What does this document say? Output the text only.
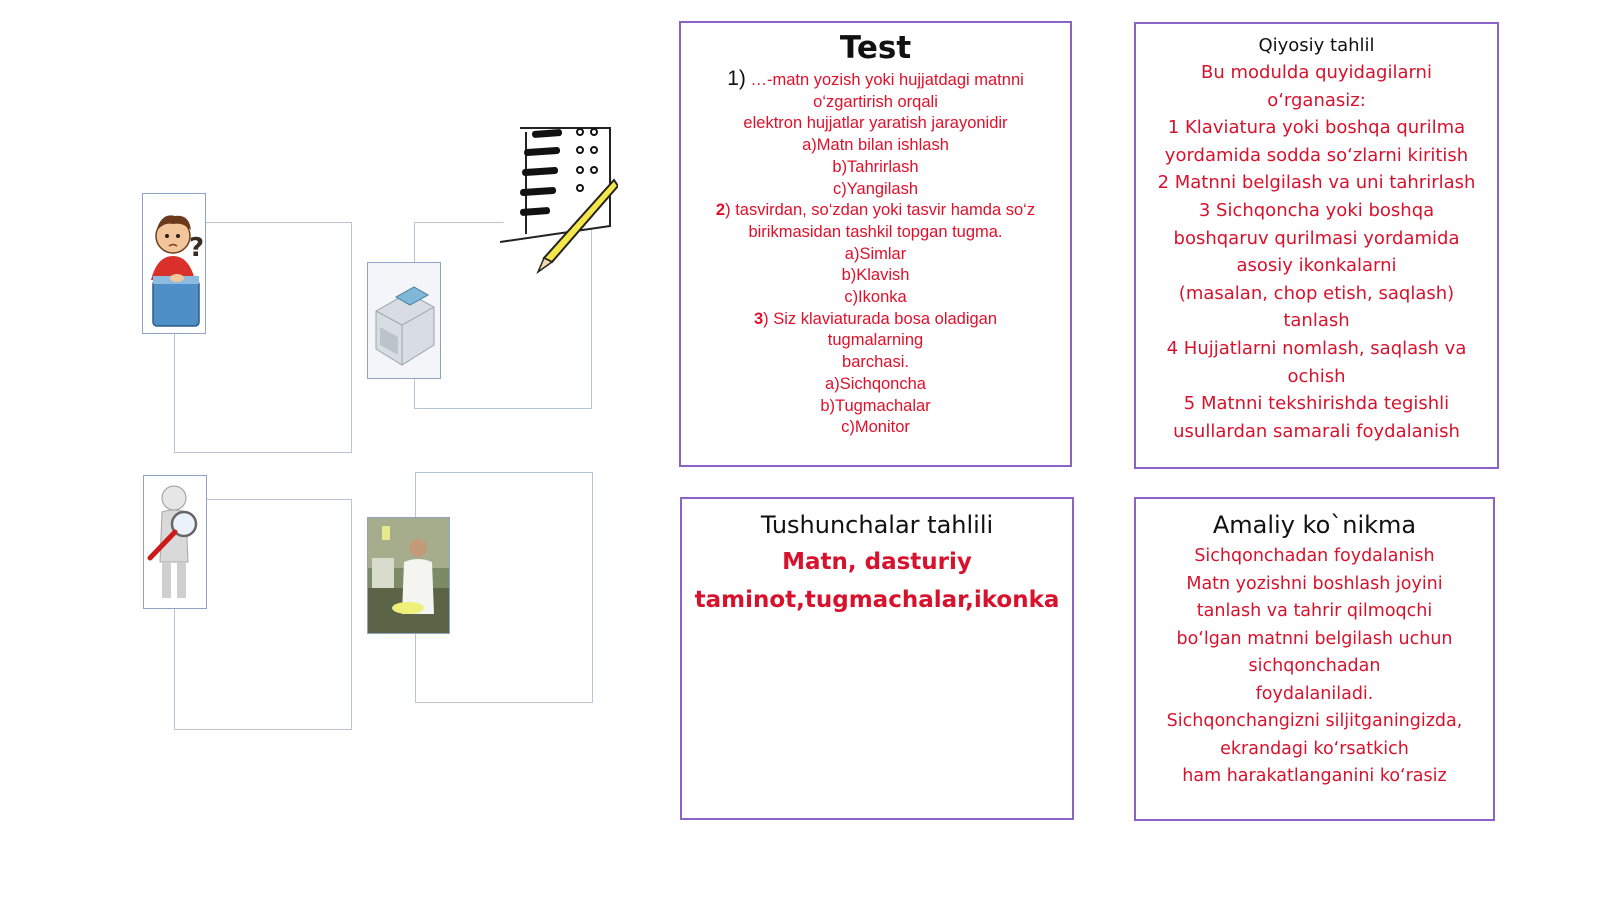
?
Test
1) …-matn yozish yoki hujjatdagi matnni
o‘zgartirish orqali
elektron hujjatlar yaratish jarayonidir
a)Matn bilan ishlash
b)Tahrirlash
c)Yangilash
2) tasvirdan, so‘zdan yoki tasvir hamda so‘z
birikmasidan tashkil topgan tugma.
a)Simlar
b)Klavish
c)Ikonka
3) Siz klaviaturada bosa oladigan
tugmalarning
barchasi.
a)Sichqoncha
b)Tugmachalar
c)Monitor
Qiyosiy tahlil
Bu modulda quyidagilarni
o‘rganasiz:
1 Klaviatura yoki boshqa qurilma
yordamida sodda so‘zlarni kiritish
2 Matnni belgilash va uni tahrirlash
3 Sichqoncha yoki boshqa
boshqaruv qurilmasi yordamida
asosiy ikonkalarni
(masalan, chop etish, saqlash)
tanlash
4 Hujjatlarni nomlash, saqlash va
ochish
5 Matnni tekshirishda tegishli
usullardan samarali foydalanish
Tushunchalar tahlili
Matn, dasturiy
taminot,tugmachalar,ikonka
Amaliy ko`nikma
Sichqonchadan foydalanish
Matn yozishni boshlash joyini
tanlash va tahrir qilmoqchi
bo‘lgan matnni belgilash uchun
sichqonchadan
foydalaniladi.
Sichqonchangizni siljitganingizda,
ekrandagi ko‘rsatkich
ham harakatlanganini ko‘rasiz
